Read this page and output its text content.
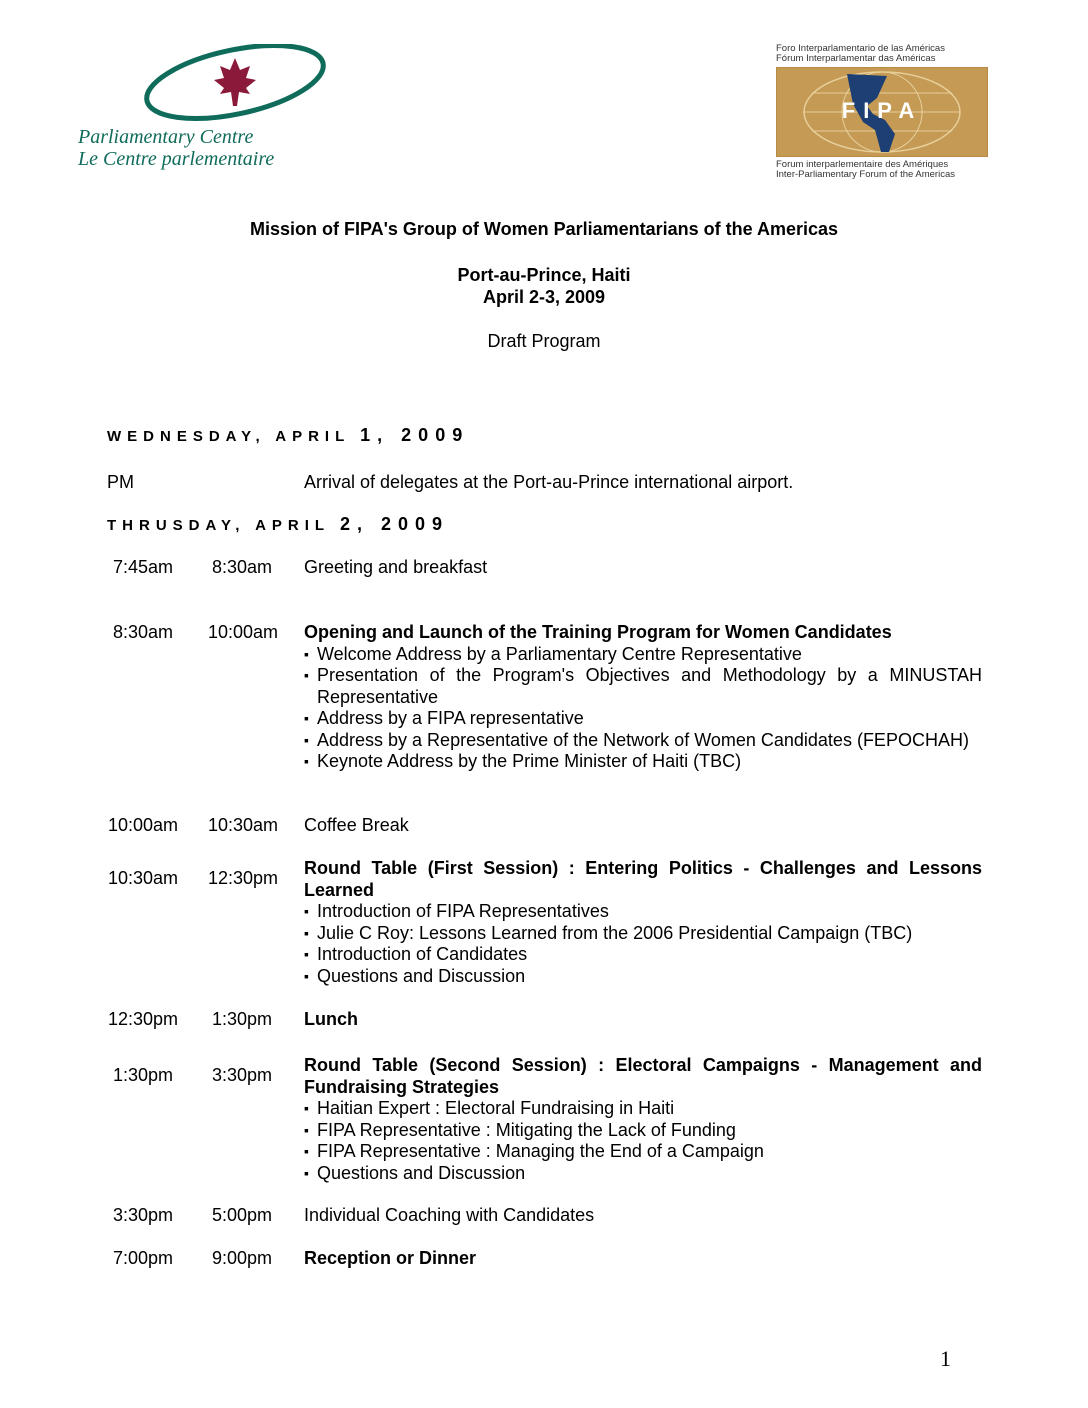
Parliamentary Centre
Le Centre parlementaire
Foro Interparlamentario de las Américas
Fórum Interparlamentar das Américas
FIPA
Forum interparlementaire des Amériques
Inter-Parliamentary Forum of the Americas
Mission of FIPA's Group of Women Parliamentarians of the Americas
Port-au-Prince, Haiti
April 2-3, 2009
Draft Program
WEDNESDAY, APRIL 1, 2009
PM	Arrival of delegates at the Port-au-Prince international airport.
THRUSDAY, APRIL 2, 2009
7:45am	8:30am	Greeting and breakfast
8:30am	10:00am	Opening and Launch of the Training Program for Women Candidates
▪ Welcome Address by a Parliamentary Centre Representative
▪ Presentation of the Program's Objectives and Methodology by a MINUSTAH Representative
▪ Address by a FIPA representative
▪ Address by a Representative of the Network of Women Candidates (FEPOCHAH)
▪ Keynote Address by the Prime Minister of Haiti (TBC)
10:00am	10:30am	Coffee Break
10:30am	12:30pm	Round Table (First Session) : Entering Politics - Challenges and Lessons Learned
▪ Introduction of FIPA Representatives
▪ Julie C Roy: Lessons Learned from the 2006 Presidential Campaign (TBC)
▪ Introduction of Candidates
▪ Questions and Discussion
12:30pm	1:30pm	Lunch
1:30pm	3:30pm	Round Table (Second Session) : Electoral Campaigns - Management and Fundraising Strategies
▪ Haitian Expert : Electoral Fundraising in Haiti
▪ FIPA Representative : Mitigating the Lack of Funding
▪ FIPA Representative : Managing the End of a Campaign
▪ Questions and Discussion
3:30pm	5:00pm	Individual Coaching with Candidates
7:00pm	9:00pm	Reception or Dinner
1
